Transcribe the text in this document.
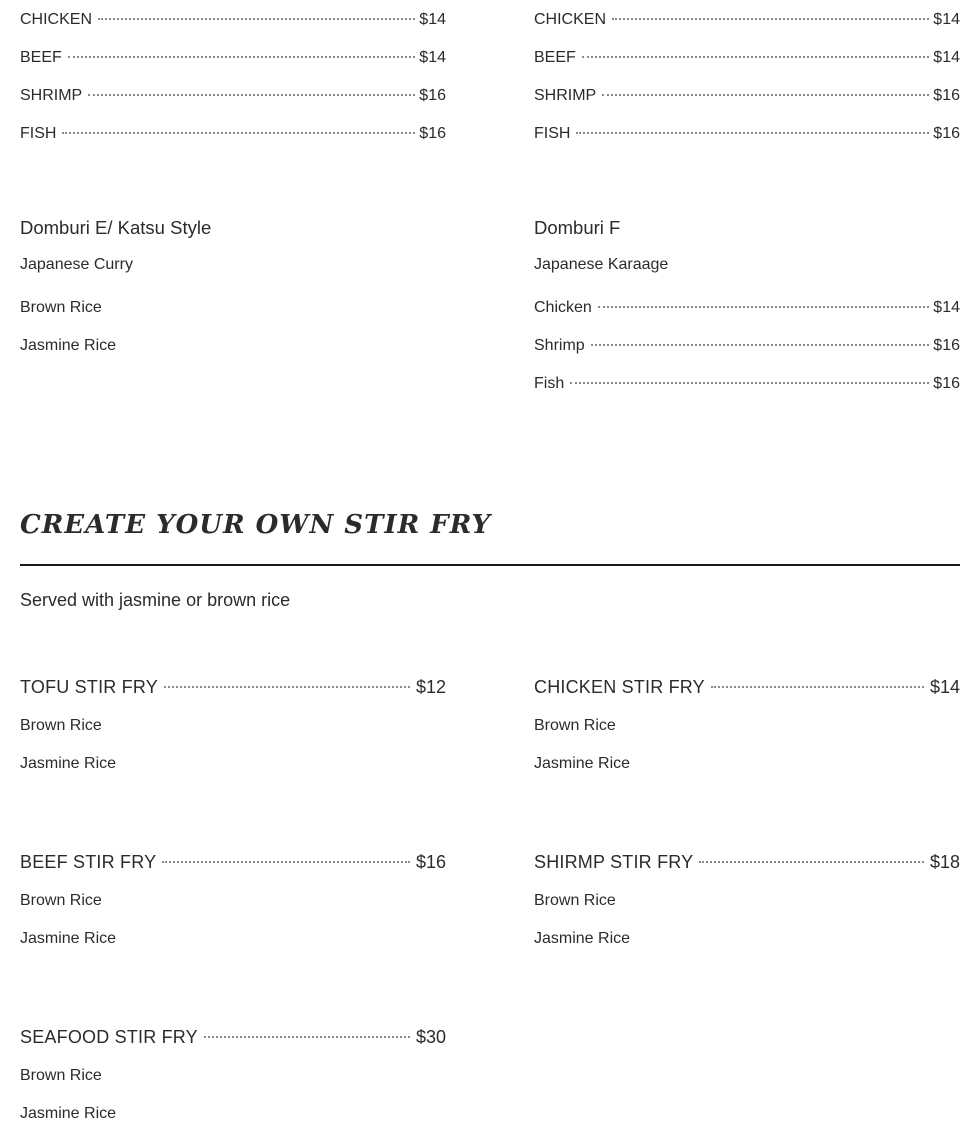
CHICKEN	$14
BEEF	$14
SHRIMP	$16
FISH	$16
CHICKEN	$14
BEEF	$14
SHRIMP	$16
FISH	$16
Domburi E/ Katsu Style
Japanese Curry
Brown Rice
Jasmine Rice
Domburi F
Japanese Karaage
Chicken	$14
Shrimp	$16
Fish	$16
CREATE YOUR OWN STIR FRY
Served with jasmine or brown rice
TOFU STIR FRY	$12
Brown Rice
Jasmine Rice
CHICKEN STIR FRY	$14
Brown Rice
Jasmine Rice
BEEF STIR FRY	$16
Brown Rice
Jasmine Rice
SHIRMP STIR FRY	$18
Brown Rice
Jasmine Rice
SEAFOOD STIR FRY	$30
Brown Rice
Jasmine Rice
